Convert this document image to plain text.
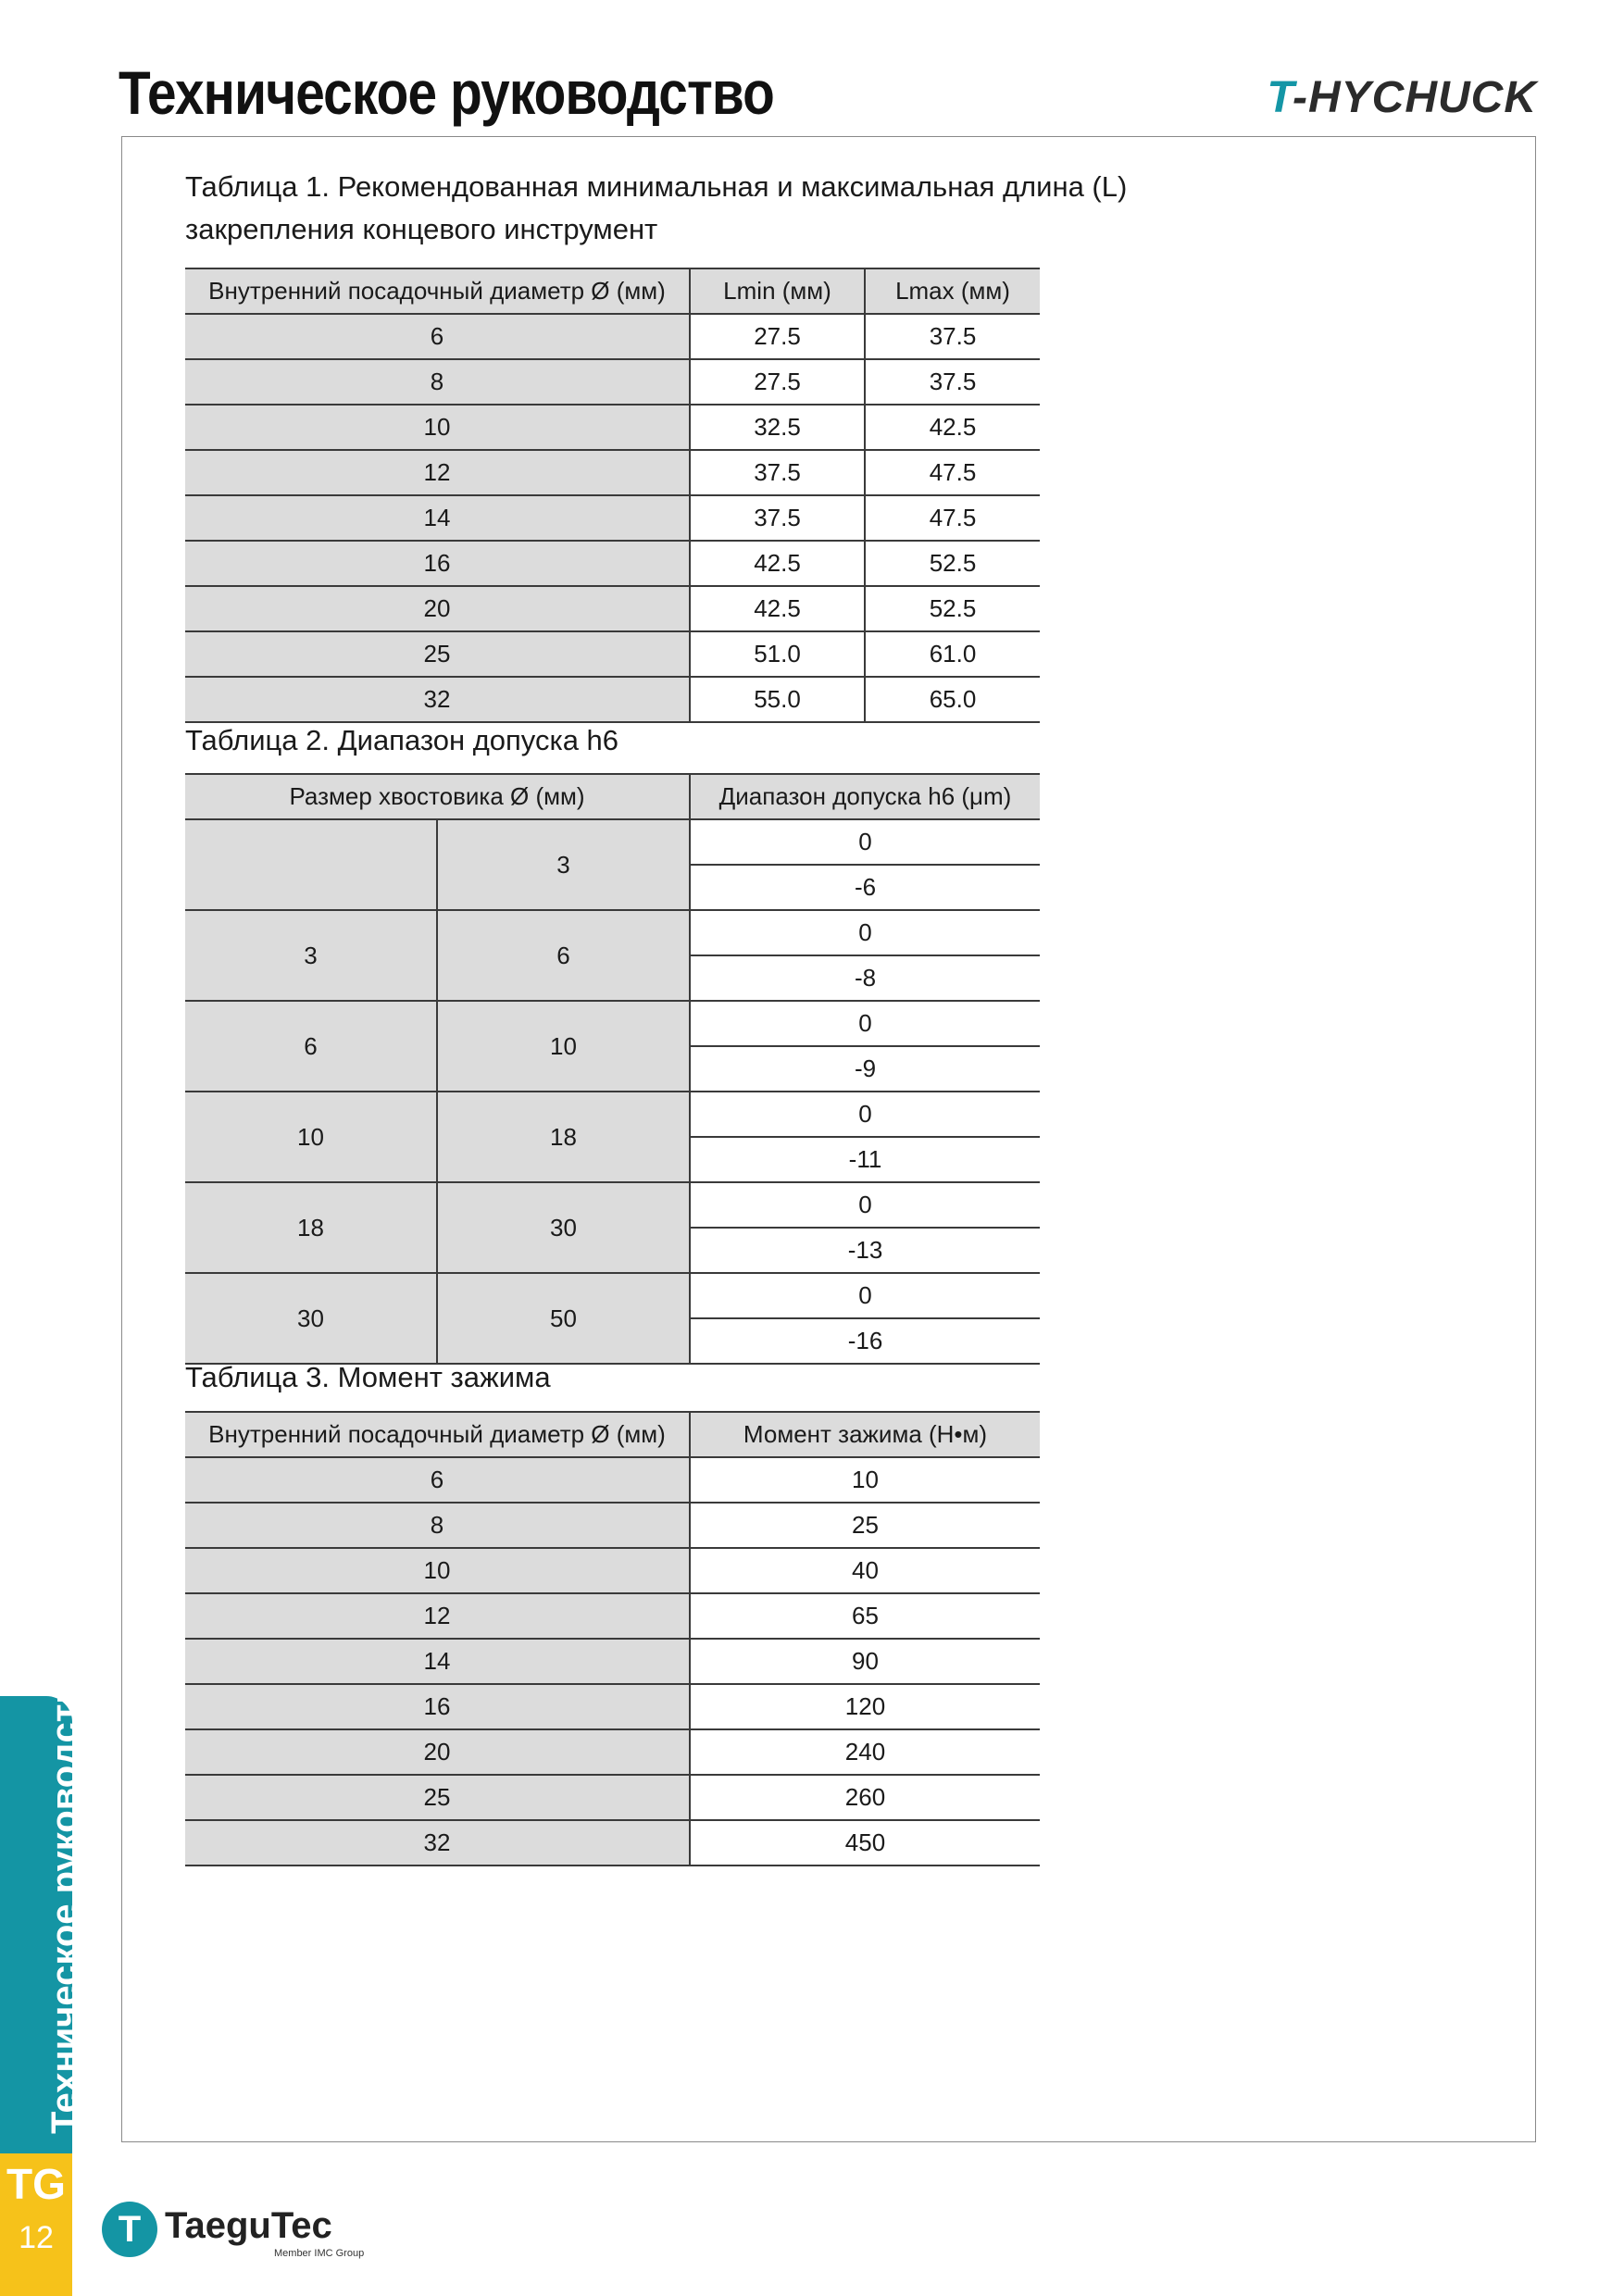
Техническое руководство	T-HYCHUCK

Таблица 1. Рекомендованная минимальная и максимальная длина (L)
закрепления концевого инструмент

Внутренний посадочный диаметр Ø (мм)	Lmin (мм)	Lmax (мм)
6	27.5	37.5
8	27.5	37.5
10	32.5	42.5
12	37.5	47.5
14	37.5	47.5
16	42.5	52.5
20	42.5	52.5
25	51.0	61.0
32	55.0	65.0

Таблица 2. Диапазон допуска h6

Размер хвостовика Ø (мм)		Диапазон допуска h6 (μm)
	3	0
		-6
3	6	0
		-8
6	10	0
		-9
10	18	0
		-11
18	30	0
		-13
30	50	0
		-16

Таблица 3. Момент зажима

Внутренний посадочный диаметр Ø (мм)	Момент зажима (Н•м)
6	10
8	25
10	40
12	65
14	90
16	120
20	240
25	260
32	450
Техническое руководство
TG
12	T TaeguTec
Member IMC Group
